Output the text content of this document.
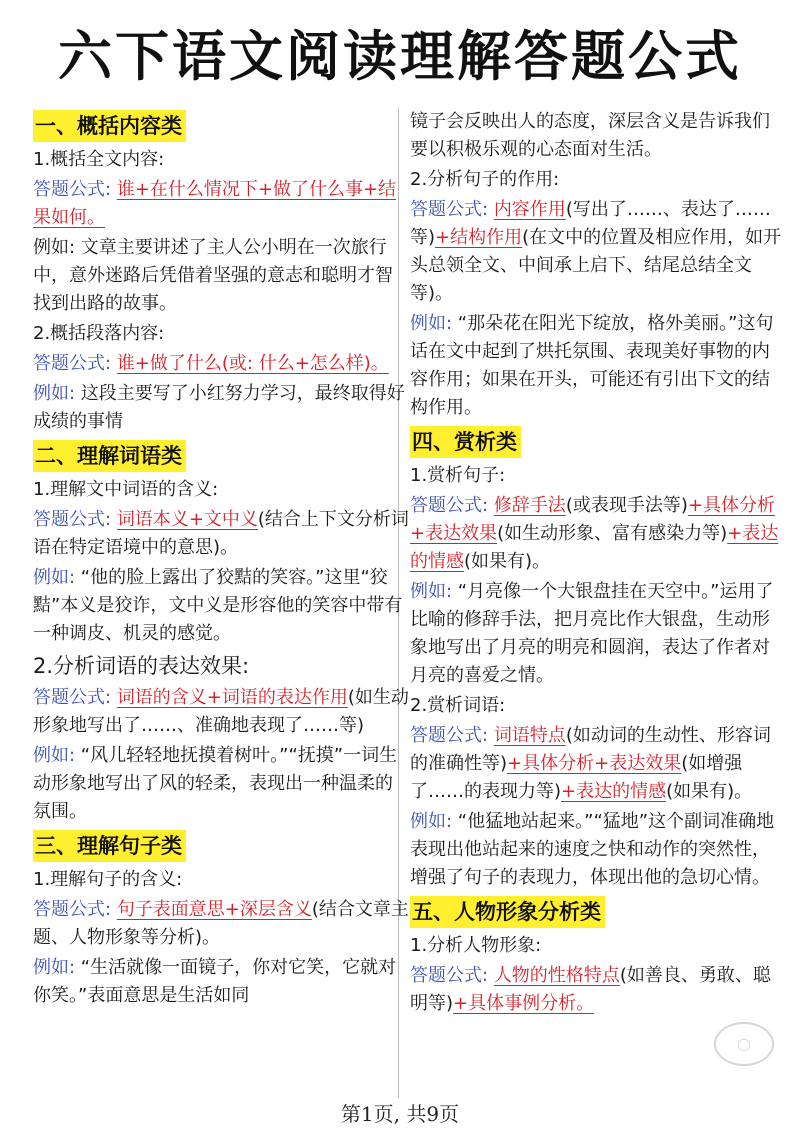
六下语文阅读理解答题公式
一、概括内容类
1.概括全文内容:
答题公式: 谁+在什么情况下+做了什么事+结果如何。
例如: 文章主要讲述了主人公小明在一次旅行中，意外迷路后凭借着坚强的意志和聪明才智找到出路的故事。
2.概括段落内容:
答题公式: 谁+做了什么(或: 什么+怎么样)。
例如: 这段主要写了小红努力学习，最终取得好成绩的事情
二、理解词语类
1.理解文中词语的含义:
答题公式: 词语本义+文中义(结合上下文分析词语在特定语境中的意思)。
例如: “他的脸上露出了狡黠的笑容。”这里“狡黠”本义是狡诈，文中义是形容他的笑容中带有一种调皮、机灵的感觉。
2.分析词语的表达效果:
答题公式: 词语的含义+词语的表达作用(如生动形象地写出了……、准确地表现了……等)
例如: “风儿轻轻地抚摸着树叶。”“抚摸”一词生动形象地写出了风的轻柔，表现出一种温柔的氛围。
三、理解句子类
1.理解句子的含义:
答题公式: 句子表面意思+深层含义(结合文章主题、人物形象等分析)。
例如: “生活就像一面镜子，你对它笑，它就对你笑。”表面意思是生活如同
镜子会反映出人的态度，深层含义是告诉我们要以积极乐观的心态面对生活。
2.分析句子的作用:
答题公式: 内容作用(写出了……、表达了……等)+结构作用(在文中的位置及相应作用，如开头总领全文、中间承上启下、结尾总结全文等)。
例如: “那朵花在阳光下绽放，格外美丽。”这句话在文中起到了烘托氛围、表现美好事物的内容作用；如果在开头，可能还有引出下文的结构作用。
四、赏析类
1.赏析句子:
答题公式: 修辞手法(或表现手法等)+具体分析+表达效果(如生动形象、富有感染力等)+表达的情感(如果有)。
例如: “月亮像一个大银盘挂在天空中。”运用了比喻的修辞手法，把月亮比作大银盘，生动形象地写出了月亮的明亮和圆润，表达了作者对月亮的喜爱之情。
2.赏析词语:
答题公式: 词语特点(如动词的生动性、形容词的准确性等)+具体分析+表达效果(如增强了……的表现力等)+表达的情感(如果有)。
例如: “他猛地站起来。”“猛地”这个副词准确地表现出他站起来的速度之快和动作的突然性，增强了句子的表现力，体现出他的急切心情。
五、人物形象分析类
1.分析人物形象:
答题公式: 人物的性格特点(如善良、勇敢、聪明等)+具体事例分析。
◯
第1页, 共9页
